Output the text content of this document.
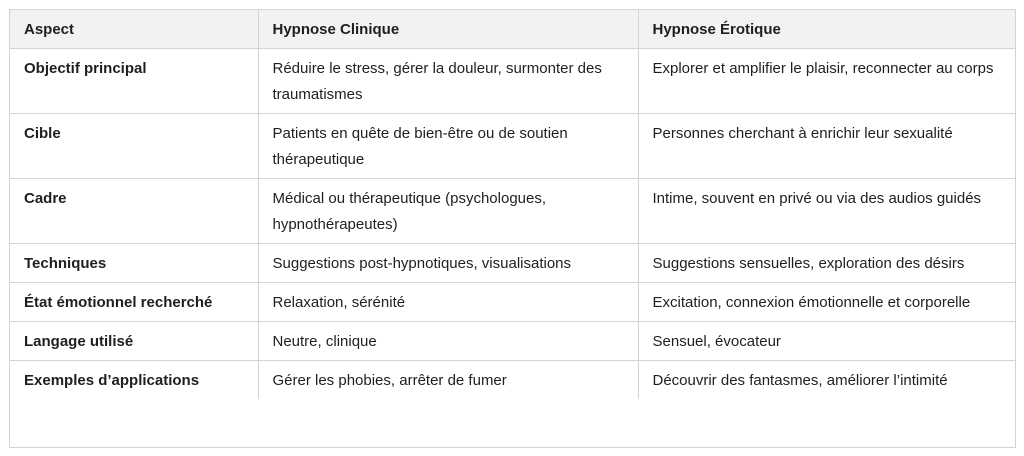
Aspect	Hypnose Clinique	Hypnose Érotique
Objectif principal	Réduire le stress, gérer la douleur, surmonter des traumatismes	Explorer et amplifier le plaisir, reconnecter au corps
Cible	Patients en quête de bien-être ou de soutien thérapeutique	Personnes cherchant à enrichir leur sexualité
Cadre	Médical ou thérapeutique (psychologues, hypnothérapeutes)	Intime, souvent en privé ou via des audios guidés
Techniques	Suggestions post-hypnotiques, visualisations	Suggestions sensuelles, exploration des désirs
État émotionnel recherché	Relaxation, sérénité	Excitation, connexion émotionnelle et corporelle
Langage utilisé	Neutre, clinique	Sensuel, évocateur
Exemples d’applications	Gérer les phobies, arrêter de fumer	Découvrir des fantasmes, améliorer l’intimité
